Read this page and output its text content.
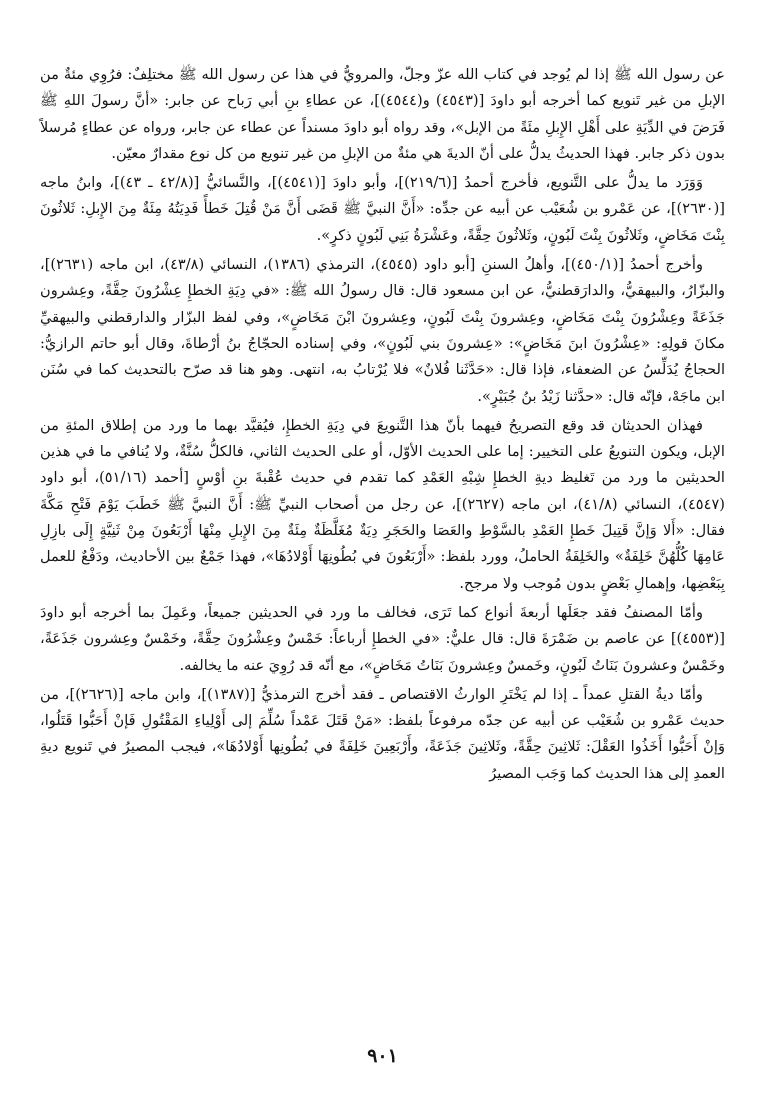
عن رسول الله ﷺ إذا لم يُوجد في كتاب الله عزّ وجلّ، والمرويُّ في هذا عن رسول الله ﷺ مختلِفٌ: فرُوِي مئةٌ من الإبلِ من غير تَنويع كما أخرجه أبو داودَ [(٤٥٤٣) و(٤٥٤٤)]، عن عطاءِ بنِ أبي رَباح عن جابر: «أنَّ رسولَ اللهِ ﷺ فَرَضَ في الدِّيَةِ على أَهْلِ الإِبلِ مئَةً من الإبل»، وقد رواه أبو داودَ مسنداً عن عطاء عن جابر، ورواه عن عطاءٍ مُرسلاً بدون ذكر جابر. فهذا الحديثُ يدلُّ على أنّ الديةَ هي مئةٌ من الإبلِ من غير تنويع من كل نوع مقدارٌ معيّن.

وَوَرَد ما يدلُّ على التَّنويع، فأخرج أحمدُ [(٢١٩/٦)]، وأبو داودَ [(٤٥٤١)]، والنَّسائيُّ [(٤٢/٨ ـ ٤٣)]، وابنُ ماجه [(٢٦٣٠)]، عن عَمْرو بن شُعَيْب عن أبيه عن جدِّه: «أَنَّ النبيَّ ﷺ قَضَى أَنَّ مَنْ قُتِلَ خَطأً فَدِيَتُهُ مِئَةٌ مِنَ الإِبلِ: ثَلاثُونَ بِنْتَ مَخَاضٍ، وثَلاثُونَ بِنْتَ لَبُونٍ، وثَلاثُونَ حِقَّةً، وعَشْرَةُ بَنِي لَبُونٍ ذكرٍ».

وأخرج أحمدُ [(٤٥٠/١)]، وأهلُ السننِ [أبو داود (٤٥٤٥)، الترمذي (١٣٨٦)، النسائي (٤٣/٨)، ابن ماجه (٢٦٣١)]، والبزّارُ، والبيهقيُّ، والدارَقطنيُّ، عن ابن مسعود قال: قال رسولُ الله ﷺ: «في دِيَةِ الخطإِ عِشْرُونَ حِقَّةً، وعِشرون جَذَعَةً وعِشْرُونَ بِنْتَ مَخَاضٍ، وعِشرونَ بِنْتَ لَبُونٍ، وعِشرونَ ابْنَ مَخَاضٍ»، وفي لفظ البزّار والدارقطني والبيهقيِّ مكانَ قولِهِ: «عِشْرُونَ ابنَ مَخَاضٍ»: «عِشرونَ بني لَبُونٍ»، وفي إسناده الحجّاجُ بنُ أرْطاةَ، وقال أبو حاتم الرازيُّ: الحجاجُ يُدَلِّسُ عن الضعفاء، فإذا قال: «حَدَّثَنا فُلانٌ» فلا يُرْتابُ به، انتهى. وهو هنا قد صرّح بالتحديث كما في سُنَن ابن ماجَهْ، فإنّه قال: «حدَّثنا زَيْدُ بنُ جُبَيْرٍ».

فهذان الحديثان قد وقع التصريحُ فيهما بأنّ هذا التَّنويعَ في دِيَةِ الخطإِ، فيُقيَّد بهما ما ورد من إطلاق المئةِ من الإبل، ويكون التنويعُ على التخيير: إما على الحديث الأوّل، أو على الحديث الثاني، فالكلُّ سُنَّةٌ، ولا يُنافي ما في هذين الحديثين ما ورد من تَغليظ ديةِ الخطإِ شِبْهِ العَمْدِ كما تقدم في حديث عُقْبةَ بنِ أوْسٍ [أحمد (٥١/١٦)، أبو داود (٤٥٤٧)، النسائي (٤١/٨)، ابن ماجه (٢٦٢٧)]، عن رجل من أصحاب النبيِّ ﷺ: أَنَّ النبيَّ ﷺ خَطَبَ يَوْمَ فَتْحِ مَكَّةَ فقال: «أَلا وَإنَّ قَتِيلَ خَطإِ العَمْدِ بالسَّوْطِ والعَصَا والحَجَرِ دِيَةٌ مُغَلَّظَةٌ مِئَةٌ مِنَ الإِبلِ مِنْهَا أَرْبَعُونَ مِنْ ثَنِيَّةٍ إِلَى بازِلِ عَامِهَا كُلُّهُنَّ خَلِفَةٌ» والخَلِفَةُ الحاملُ، وورد بلفظ: «أَرْبَعُونَ في بُطُونِهَا أَوْلادُهَا»، فهذا جَمْعٌ بين الأحاديث، ودَفْعٌ للعمل بِبَعْضِها، وإهمالِ بَعْضٍ بدون مُوجب ولا مرجح.

وأمّا المصنفُ فقد جعَلَها أربعةَ أنواع كما تَرَى، فخالف ما ورد في الحديثين جميعاً، وعَمِلَ بما أخرجه أبو داودَ [(٤٥٥٣)] عن عاصم بن ضَمْرَةَ قال: قال عليٌّ: «في الخطإِ أرباعاً: خَمْسٌ وعِشْرُونَ حِقَّةً، وخَمْسٌ وعِشرون جَذَعَةً، وخَمْسٌ وعشرونَ بَنَاتُ لَبُونٍ، وخَمسٌ وعِشرونَ بَنَاتُ مَخَاضٍ»، مع أنّه قد رُوِيَ عنه ما يخالفه.

وأمّا ديةُ القتلِ عمداً ـ إذا لم يَخْتَرِ الوارثُ الاقتصاص ـ فقد أخرج الترمذيُّ [(١٣٨٧)]، وابن ماجه [(٢٦٢٦)]، من حديث عَمْرو بن شُعَيْب عن أبيه عن جدّه مرفوعاً بلفظ: «مَنْ قَتَلَ عَمْداً سُلِّمَ إلى أَوْلِياءِ المَقْتُولِ فَإنْ أَحَبُّوا قَتَلُوا، وَإنْ أَحَبُّوا أَخَذُوا العَقْلَ: ثَلاثِينَ حِقَّةً، وثَلاثِينَ جَذَعَةً، وأَرْبَعِينَ خَلِفَةً في بُطُونِها أَوْلادُهَا»، فيجب المصيرُ في تَنويع ديةِ العمدِ إلى هذا الحديث كما وَجَب المصيرُ

٩٠١
